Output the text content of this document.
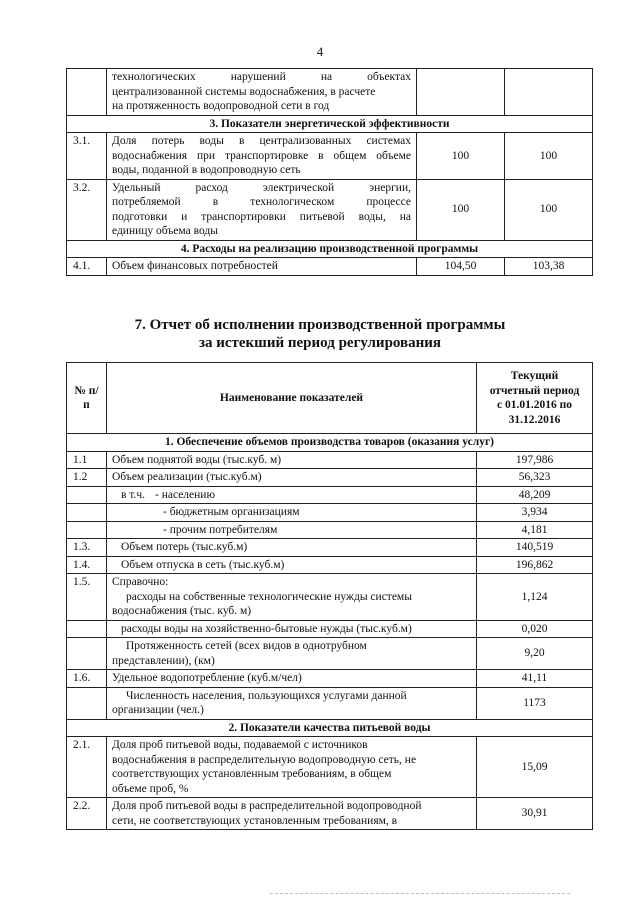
4

	технологических нарушений на объектах
централизованной системы водоснабжения, в расчете
на протяженность водопроводной сети в год		

3. Показатели энергетической эффективности			
3.1.	Доля потерь воды в централизованных системах
водоснабжения при транспортировке в общем объеме
воды, поданной в водопроводную сеть	100	100
3.2.	Удельный расход электрической энергии,
потребляемой в технологическом процессе
подготовки и транспортировки питьевой воды, на
единицу объема воды	100	100
4. Расходы на реализацию производственной программы			
4.1.	Объем финансовых потребностей	104,50	103,38
7. Отчет об исполнении производственной программы
за истекший период регулирования
№ п/п	Наименование показателей	Текущий
отчетный период
с 01.01.2016 по
31.12.2016

1. Обеспечение объемов производства товаров (оказания услуг)		
1.1	Объем поднятой воды (тыс.куб. м)	197,986
1.2	Объем реализации (тыс.куб.м)	56,323
	в т.ч. - населению	48,209
	- бюджетным организациям	3,934
	- прочим потребителям	4,181
1.3.	Объем потерь (тыс.куб.м)	140,519
1.4.	Объем отпуска в сеть (тыс.куб.м)	196,862
1.5.	Справочно:
расходы на собственные технологические нужды системы
водоснабжения (тыс. куб. м)	1,124
	расходы воды на хозяйственно-бытовые нужды (тыс.куб.м)	0,020

	Протяженность сетей (всех видов в однотрубном
представлении), (км)	9,20
1.6.	Удельное водопотребление (куб.м/чел)	41,11

	Численность населения, пользующихся услугами данной
организации (чел.)	1173
2. Показатели качества питьевой воды		
2.1.	Доля проб питьевой воды, подаваемой с источников
водоснабжения в распределительную водопроводную сеть, не
соответствующих установленным требованиям, в общем
объеме проб, %	15,09
2.2.	Доля проб питьевой воды в распределительной водопроводной
сети, не соответствующих установленным требованиям, в	30,91
